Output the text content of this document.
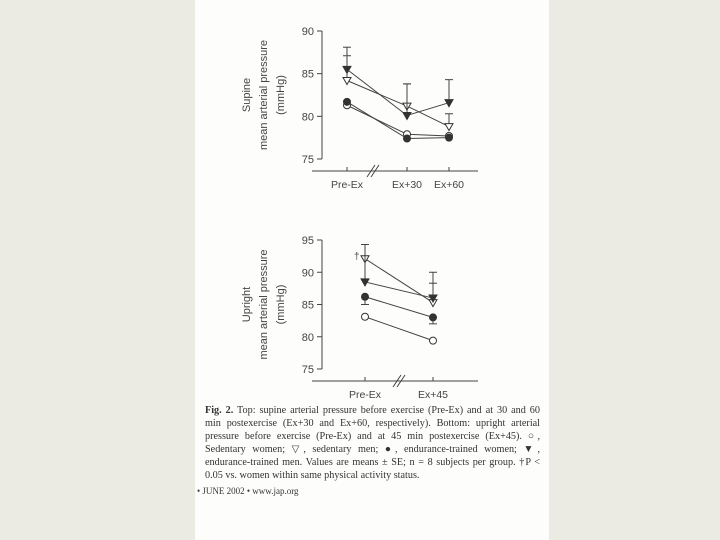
75
80
85
90
Pre-Ex	Ex+30 Ex+60
Supine mean arterial pressure (mmHg)
75
80
85
90
95
Pre-Ex	Ex+45
Upright mean arterial pressure (mmHg)
†
Fig. 2. Top: supine arterial pressure before exercise (Pre-Ex) and at 30 and 60 min postexercise (Ex+30 and Ex+60, respectively). Bottom: upright arterial pressure before exercise (Pre-Ex) and at 45 min postexercise (Ex+45). ○, Sedentary women; ▽, sedentary men; ●, endurance-trained women; ▼, endurance-trained men. Values are means ± SE; n = 8 subjects per group. †P < 0.05 vs. women within same physical activity status.
• JUNE 2002 • www.jap.org
